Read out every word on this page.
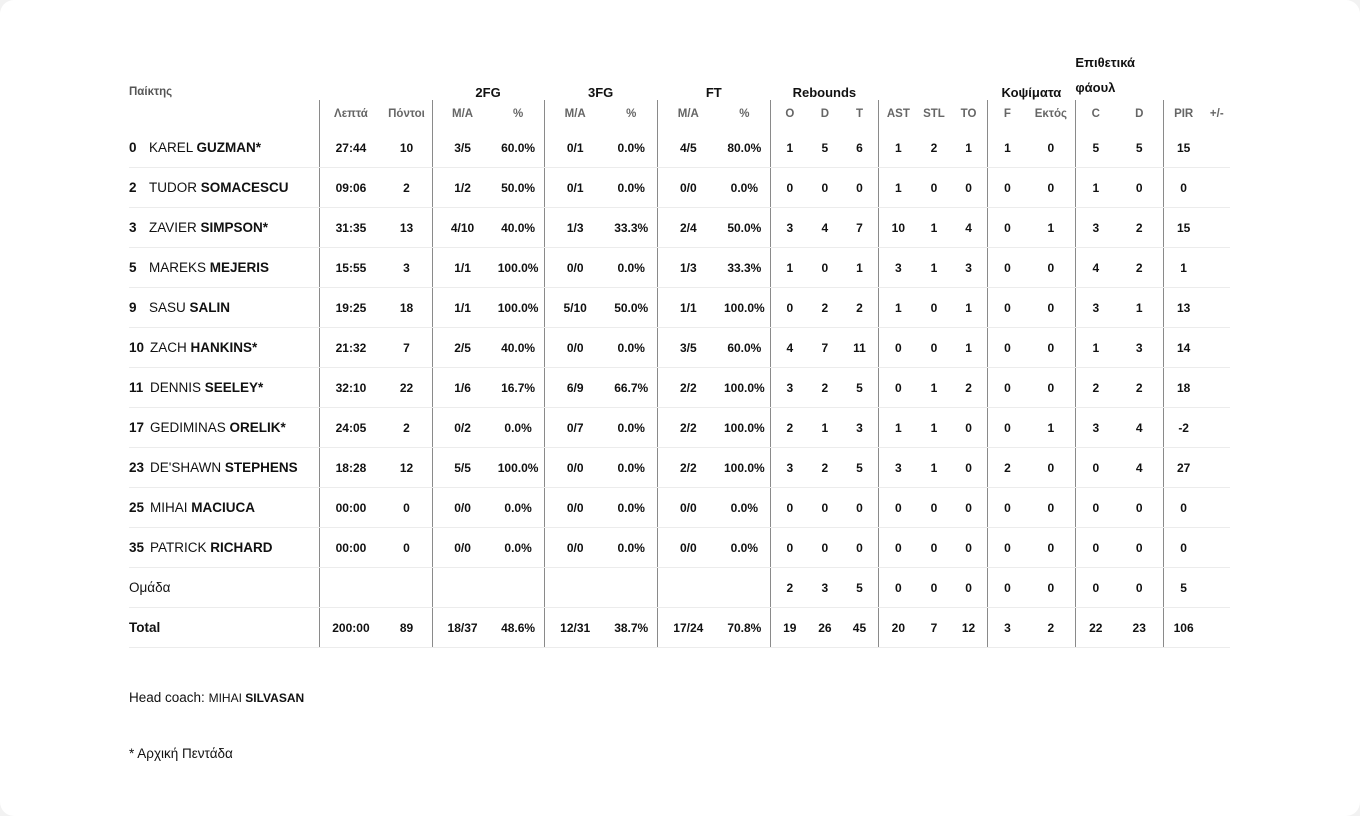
			2FG		3FG		FT		Rebounds						Κοψίματα		Επιθετικά
φάουλ			
Παίκτης	Λεπτά	Πόντοι	M/A	%	M/A	%	M/A	%	O	D	T	AST	STL	TO	F	Εκτός	C	D	PIR	+/-
0 KAREL GUZMAN*	27:44	10	3/5	60.0%	0/1	0.0%	4/5	80.0%	1	5	6	1	2	1	1	0	5	5	15	
2 TUDOR SOMACESCU	09:06	2	1/2	50.0%	0/1	0.0%	0/0	0.0%	0	0	0	1	0	0	0	0	1	0	0	
3 ZAVIER SIMPSON*	31:35	13	4/10	40.0%	1/3	33.3%	2/4	50.0%	3	4	7	10	1	4	0	1	3	2	15	
5 MAREKS MEJERIS	15:55	3	1/1	100.0%	0/0	0.0%	1/3	33.3%	1	0	1	3	1	3	0	0	4	2	1	
9 SASU SALIN	19:25	18	1/1	100.0%	5/10	50.0%	1/1	100.0%	0	2	2	1	0	1	0	0	3	1	13	
10 ZACH HANKINS*	21:32	7	2/5	40.0%	0/0	0.0%	3/5	60.0%	4	7	11	0	0	1	0	0	1	3	14	
11 DENNIS SEELEY*	32:10	22	1/6	16.7%	6/9	66.7%	2/2	100.0%	3	2	5	0	1	2	0	0	2	2	18	
17 GEDIMINAS ORELIK*	24:05	2	0/2	0.0%	0/7	0.0%	2/2	100.0%	2	1	3	1	1	0	0	1	3	4	-2	
23 DE'SHAWN STEPHENS	18:28	12	5/5	100.0%	0/0	0.0%	2/2	100.0%	3	2	5	3	1	0	2	0	0	4	27	
25 MIHAI MACIUCA	00:00	0	0/0	0.0%	0/0	0.0%	0/0	0.0%	0	0	0	0	0	0	0	0	0	0	0	
35 PATRICK RICHARD	00:00	0	0/0	0.0%	0/0	0.0%	0/0	0.0%	0	0	0	0	0	0	0	0	0	0	0	
Ομάδα									2	3	5	0	0	0	0	0	0	0	5	
Total	200:00	89	18/37	48.6%	12/31	38.7%	17/24	70.8%	19	26	45	20	7	12	3	2	22	23	106	
Head coach: MIHAI SILVASAN
* Αρχική Πεντάδα
